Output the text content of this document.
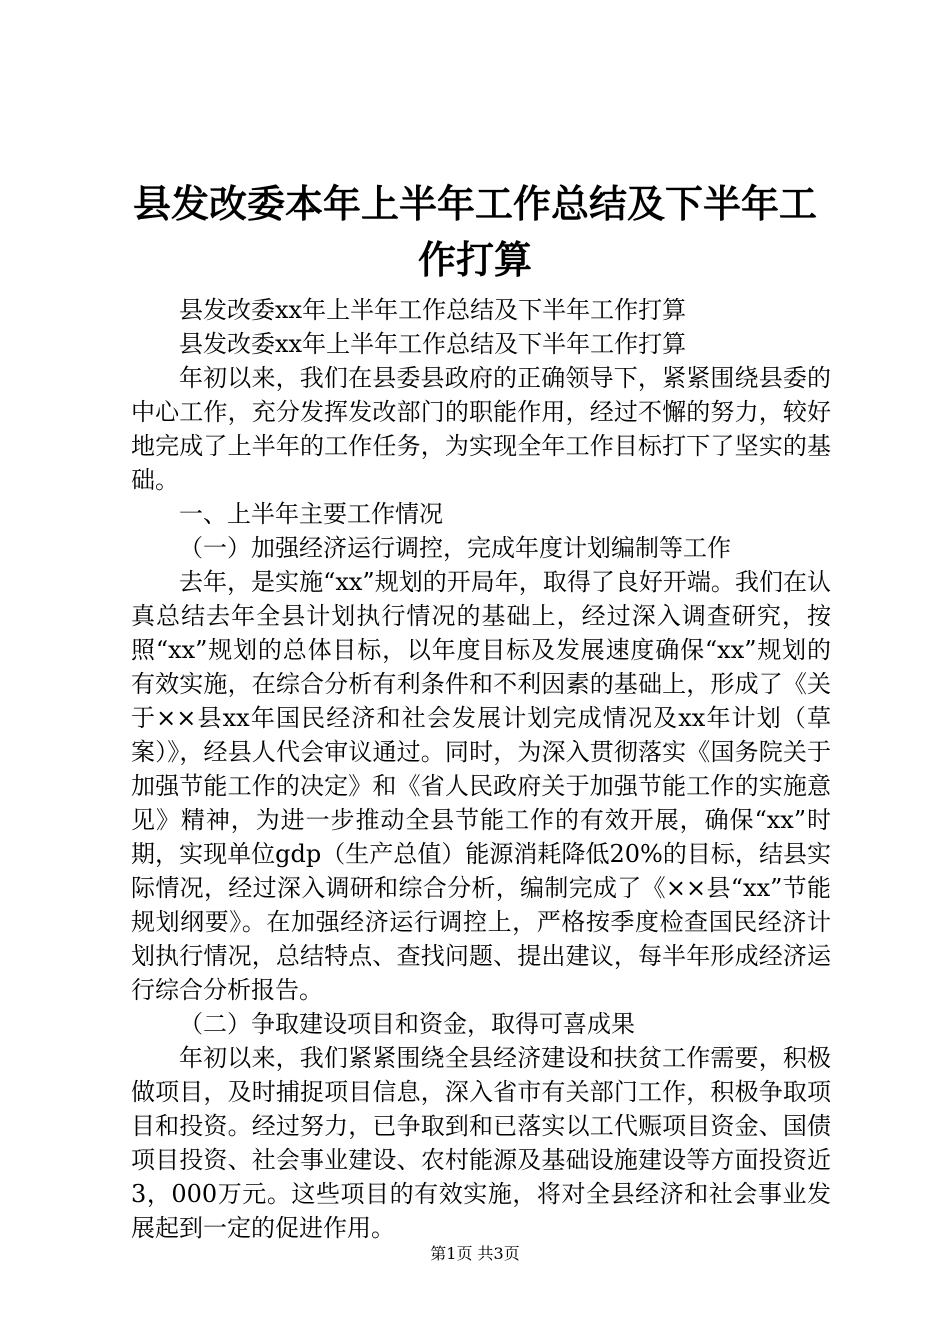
县发改委本年上半年工作总结及下半年工作打算

县发改委xx年上半年工作总结及下半年工作打算

县发改委xx年上半年工作总结及下半年工作打算

年初以来，我们在县委县政府的正确领导下，紧紧围绕县委的中心工作，充分发挥发改部门的职能作用，经过不懈的努力，较好地完成了上半年的工作任务，为实现全年工作目标打下了坚实的基础。

一、上半年主要工作情况

（一）加强经济运行调控，完成年度计划编制等工作

去年，是实施“xx”规划的开局年，取得了良好开端。我们在认真总结去年全县计划执行情况的基础上，经过深入调查研究，按照“xx”规划的总体目标，以年度目标及发展速度确保“xx”规划的有效实施，在综合分析有利条件和不利因素的基础上，形成了《关于××县xx年国民经济和社会发展计划完成情况及xx年计划（草案）》，经县人代会审议通过。同时，为深入贯彻落实《国务院关于加强节能工作的决定》和《省人民政府关于加强节能工作的实施意见》精神，为进一步推动全县节能工作的有效开展，确保“xx”时期，实现单位gdp（生产总值）能源消耗降低20%的目标，结县实际情况，经过深入调研和综合分析，编制完成了《××县“xx”节能规划纲要》。在加强经济运行调控上，严格按季度检查国民经济计划执行情况，总结特点、查找问题、提出建议，每半年形成经济运行综合分析报告。

（二）争取建设项目和资金，取得可喜成果

年初以来，我们紧紧围绕全县经济建设和扶贫工作需要，积极做项目，及时捕捉项目信息，深入省市有关部门工作，积极争取项目和投资。经过努力，已争取到和已落实以工代赈项目资金、国债项目投资、社会事业建设、农村能源及基础设施建设等方面投资近3，000万元。这些项目的有效实施，将对全县经济和社会事业发展起到一定的促进作用。

第1页 共3页
